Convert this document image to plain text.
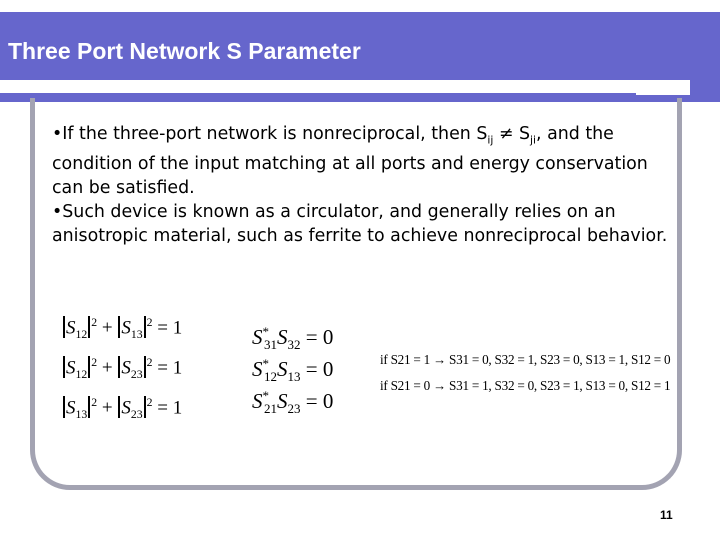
Three Port Network S Parameter

•If the three-port network is nonreciprocal, then $S_{ij} \ne S_{ji}$, and the condition of the input matching at all ports and energy conservation can be satisfied.

•Such device is known as a circulator, and generally relies on an anisotropic material, such as ferrite to achieve nonreciprocal behavior.

$S_{12}^2 + S_{13}^2 = 1$
$S_{12}^2 + S_{23}^2 = 1$
$S_{13}^2 + S_{23}^2 = 1$
$S^*_{31}S_{32} = 0$
$S^*_{12}S_{13} = 0$
$S^*_{21}S_{23} = 0$
if S21 = 1 → S31 = 0, S32 = 1, S23 = 0, S13 = 1, S12 = 0
if S21 = 0 → S31 = 1, S32 = 0, S23 = 1, S13 = 0, S12 = 1
11
